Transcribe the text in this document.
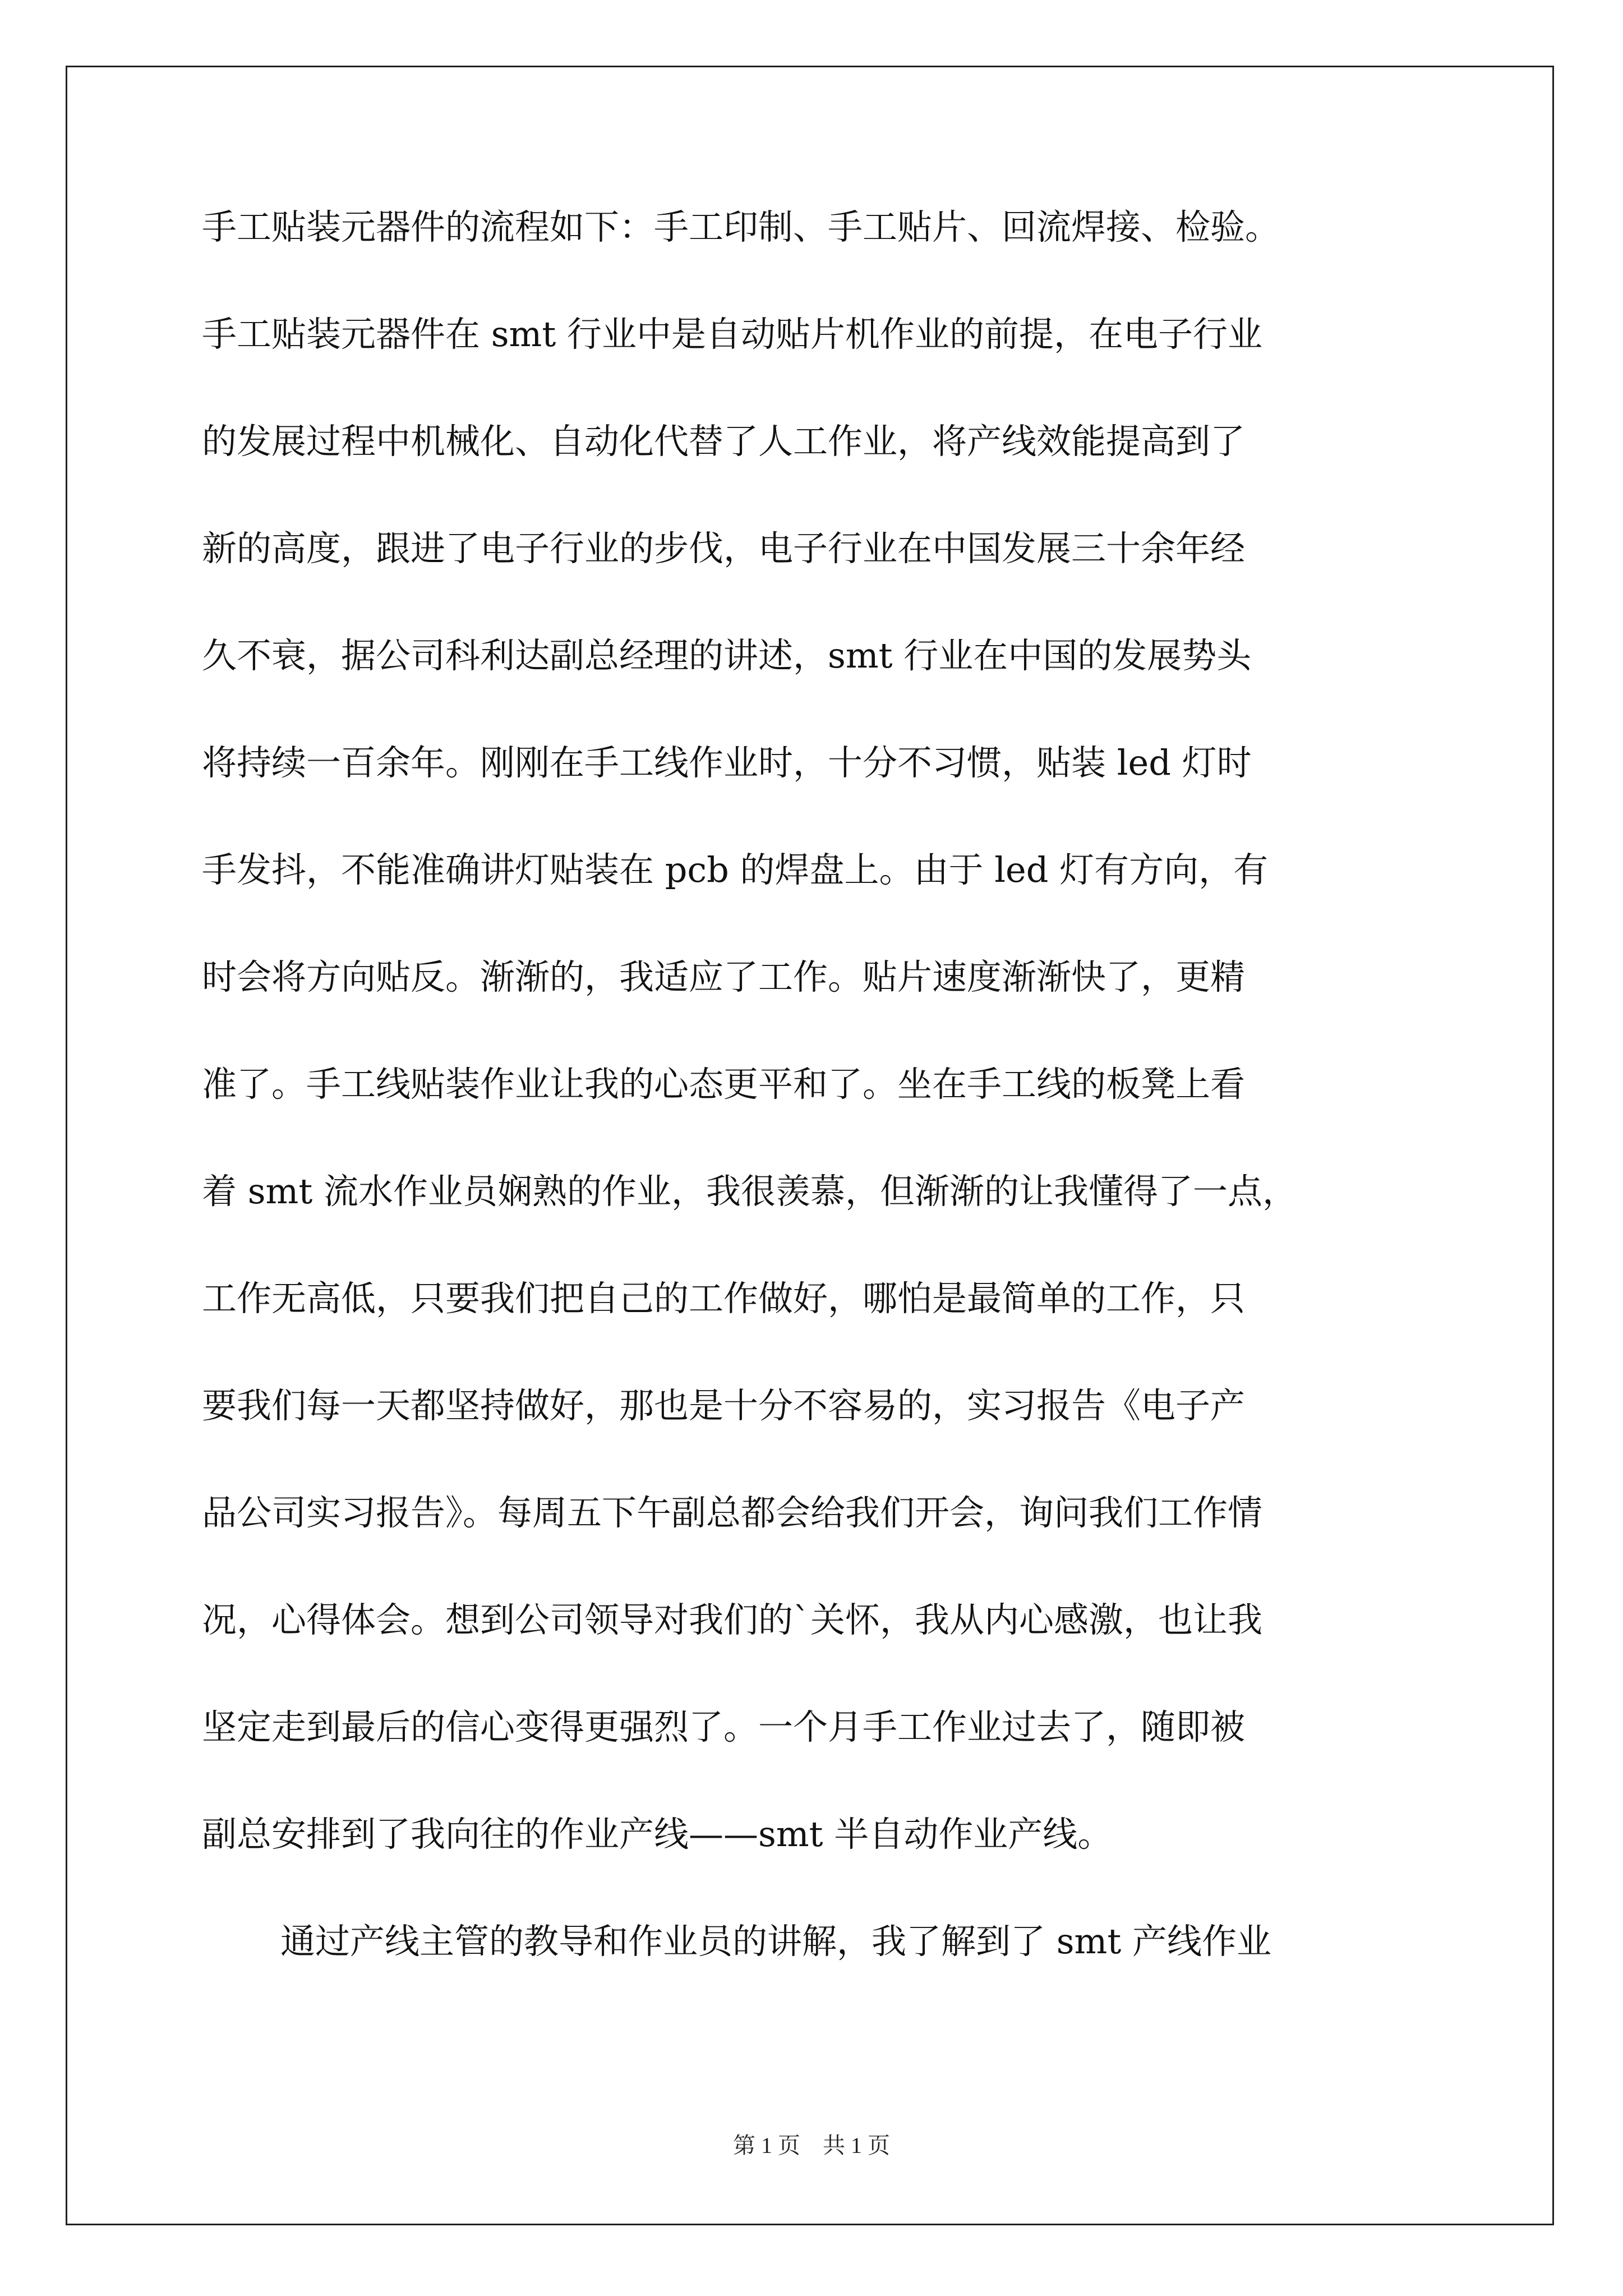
手工贴装元器件的流程如下：手工印制、手工贴片、回流焊接、检验。
手工贴装元器件在 smt 行业中是自动贴片机作业的前提，在电子行业
的发展过程中机械化、自动化代替了人工作业，将产线效能提高到了
新的高度，跟进了电子行业的步伐，电子行业在中国发展三十余年经
久不衰，据公司科利达副总经理的讲述，smt 行业在中国的发展势头
将持续一百余年。刚刚在手工线作业时，十分不习惯，贴装 led 灯时
手发抖，不能准确讲灯贴装在 pcb 的焊盘上。由于 led 灯有方向，有
时会将方向贴反。渐渐的，我适应了工作。贴片速度渐渐快了，更精
准了。手工线贴装作业让我的心态更平和了。坐在手工线的板凳上看
着 smt 流水作业员娴熟的作业，我很羡慕，但渐渐的让我懂得了一点，
工作无高低，只要我们把自己的工作做好，哪怕是最简单的工作，只
要我们每一天都坚持做好，那也是十分不容易的，实习报告《电子产
品公司实习报告》。每周五下午副总都会给我们开会，询问我们工作情
况，心得体会。想到公司领导对我们的`关怀，我从内心感激，也让我
坚定走到最后的信心变得更强烈了。一个月手工作业过去了，随即被
副总安排到了我向往的作业产线——smt 半自动作业产线。
通过产线主管的教导和作业员的讲解，我了解到了 smt 产线作业
第 1 页 共 1 页
